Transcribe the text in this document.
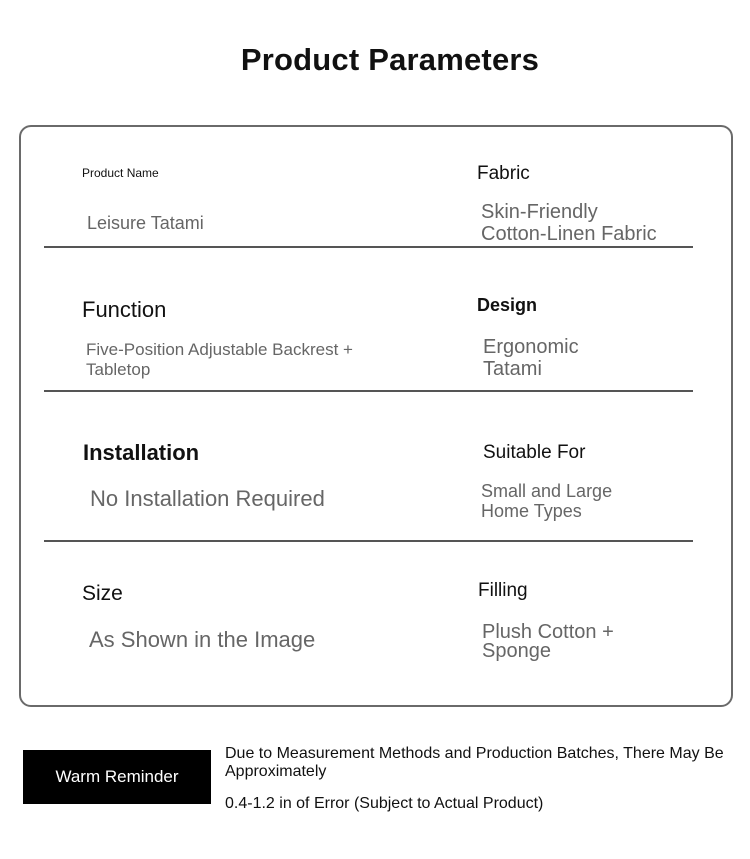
Product Parameters
Product Name
Leisure Tatami
Fabric
Skin-Friendly
Cotton-Linen Fabric
Function
Five-Position Adjustable Backrest +
Tabletop
Design
Ergonomic
Tatami
Installation
No Installation Required
Suitable For
Small and Large
Home Types
Size
As Shown in the Image
Filling
Plush Cotton +
Sponge
Warm Reminder
Due to Measurement Methods and Production Batches, There May Be
Approximately
0.4-1.2 in of Error (Subject to Actual Product)
